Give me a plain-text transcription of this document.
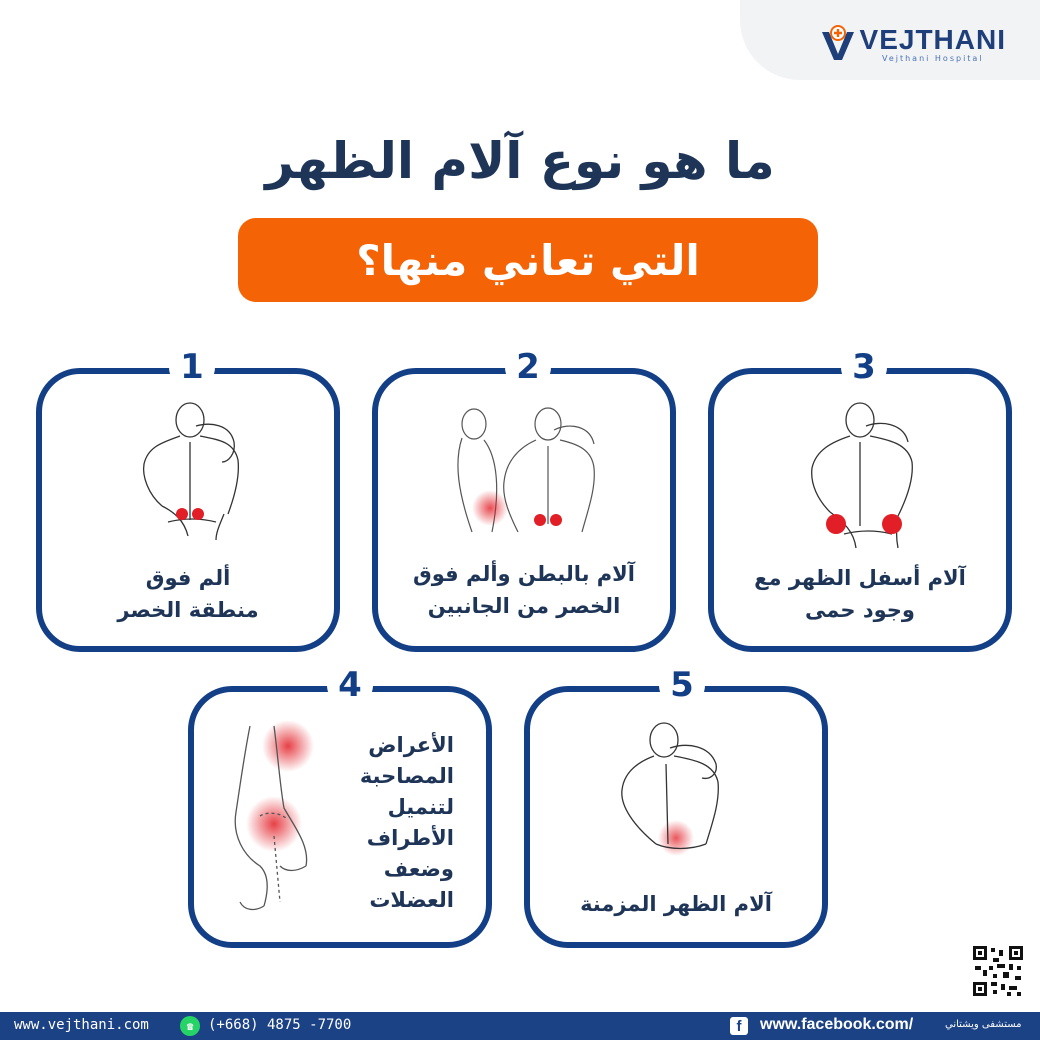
VEJTHANI
Vejthani Hospital
ما هو نوع آلام الظهر
التي تعاني منها؟
1
ألم فوق
منطقة الخصر
2
آلام بالبطن وألم فوق
الخصر من الجانبين
3
آلام أسفل الظهر مع
وجود حمى
4
الأعراض
المصاحبة
لتنميل الأطراف
وضعف
العضلات
5
آلام الظهر المزمنة
www.vejthani.com	☎	(+668) 4875 -7700	f	www.facebook.com/	مستشفى ويشتاني
